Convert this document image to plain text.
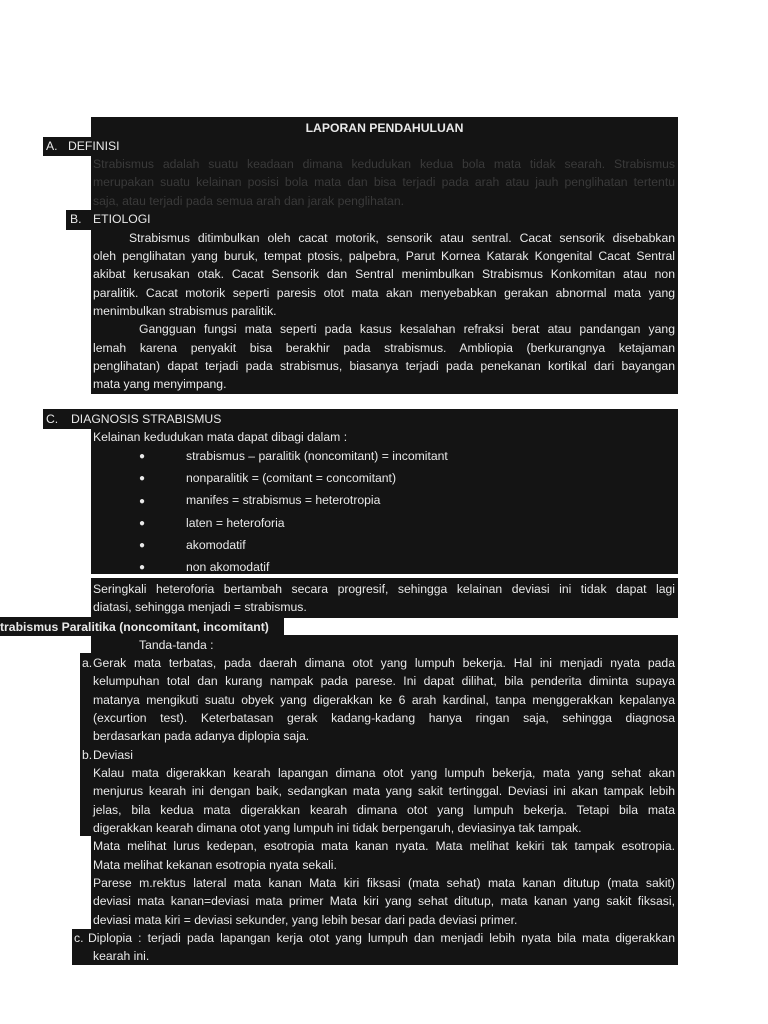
LAPORAN PENDAHULUAN
A. DEFINISI
Strabismus adalah suatu keadaan dimana kedudukan kedua bola mata tidak searah. Strabismus
merupakan suatu kelainan posisi bola mata dan bisa terjadi pada arah atau jauh penglihatan tertentu
saja, atau terjadi pada semua arah dan jarak penglihatan.
B. ETIOLOGI
Strabismus ditimbulkan oleh cacat motorik, sensorik atau sentral. Cacat sensorik disebabkan
oleh penglihatan yang buruk, tempat ptosis, palpebra, Parut Kornea Katarak Kongenital Cacat Sentral
akibat kerusakan otak. Cacat Sensorik dan Sentral menimbulkan Strabismus Konkomitan atau non
paralitik. Cacat motorik seperti paresis otot mata akan menyebabkan gerakan abnormal mata yang
menimbulkan strabismus paralitik.
Gangguan fungsi mata seperti pada kasus kesalahan refraksi berat atau pandangan yang
lemah karena penyakit bisa berakhir pada strabismus. Ambliopia (berkurangnya ketajaman
penglihatan) dapat terjadi pada strabismus, biasanya terjadi pada penekanan kortikal dari bayangan
mata yang menyimpang.
C. DIAGNOSIS STRABISMUS
Kelainan kedudukan mata dapat dibagi dalam :
●	strabismus – paralitik (noncomitant) = incomitant
●	nonparalitik = (comitant = concomitant)
●	manifes = strabismus = heterotropia
●	laten = heteroforia
●	akomodatif
●	non akomodatif
Seringkali heteroforia bertambah secara progresif, sehingga kelainan deviasi ini tidak dapat lagi
diatasi, sehingga menjadi = strabismus.
trabismus Paralitika (noncomitant, incomitant)
Tanda-tanda :
a. Gerak mata terbatas, pada daerah dimana otot yang lumpuh bekerja. Hal ini menjadi nyata pada
kelumpuhan total dan kurang nampak pada parese. Ini dapat dilihat, bila penderita diminta supaya
matanya mengikuti suatu obyek yang digerakkan ke 6 arah kardinal, tanpa menggerakkan kepalanya
(excurtion test). Keterbatasan gerak kadang-kadang hanya ringan saja, sehingga diagnosa
berdasarkan pada adanya diplopia saja.
b. Deviasi
Kalau mata digerakkan kearah lapangan dimana otot yang lumpuh bekerja, mata yang sehat akan
menjurus kearah ini dengan baik, sedangkan mata yang sakit tertinggal. Deviasi ini akan tampak lebih
jelas, bila kedua mata digerakkan kearah dimana otot yang lumpuh bekerja. Tetapi bila mata
digerakkan kearah dimana otot yang lumpuh ini tidak berpengaruh, deviasinya tak tampak.
Mata melihat lurus kedepan, esotropia mata kanan nyata. Mata melihat kekiri tak tampak esotropia.
Mata melihat kekanan esotropia nyata sekali.
Parese m.rektus lateral mata kanan Mata kiri fiksasi (mata sehat) mata kanan ditutup (mata sakit)
deviasi mata kanan=deviasi mata primer Mata kiri yang sehat ditutup, mata kanan yang sakit fiksasi,
deviasi mata kiri = deviasi sekunder, yang lebih besar dari pada deviasi primer.
c. Diplopia : terjadi pada lapangan kerja otot yang lumpuh dan menjadi lebih nyata bila mata digerakkan
kearah ini.
